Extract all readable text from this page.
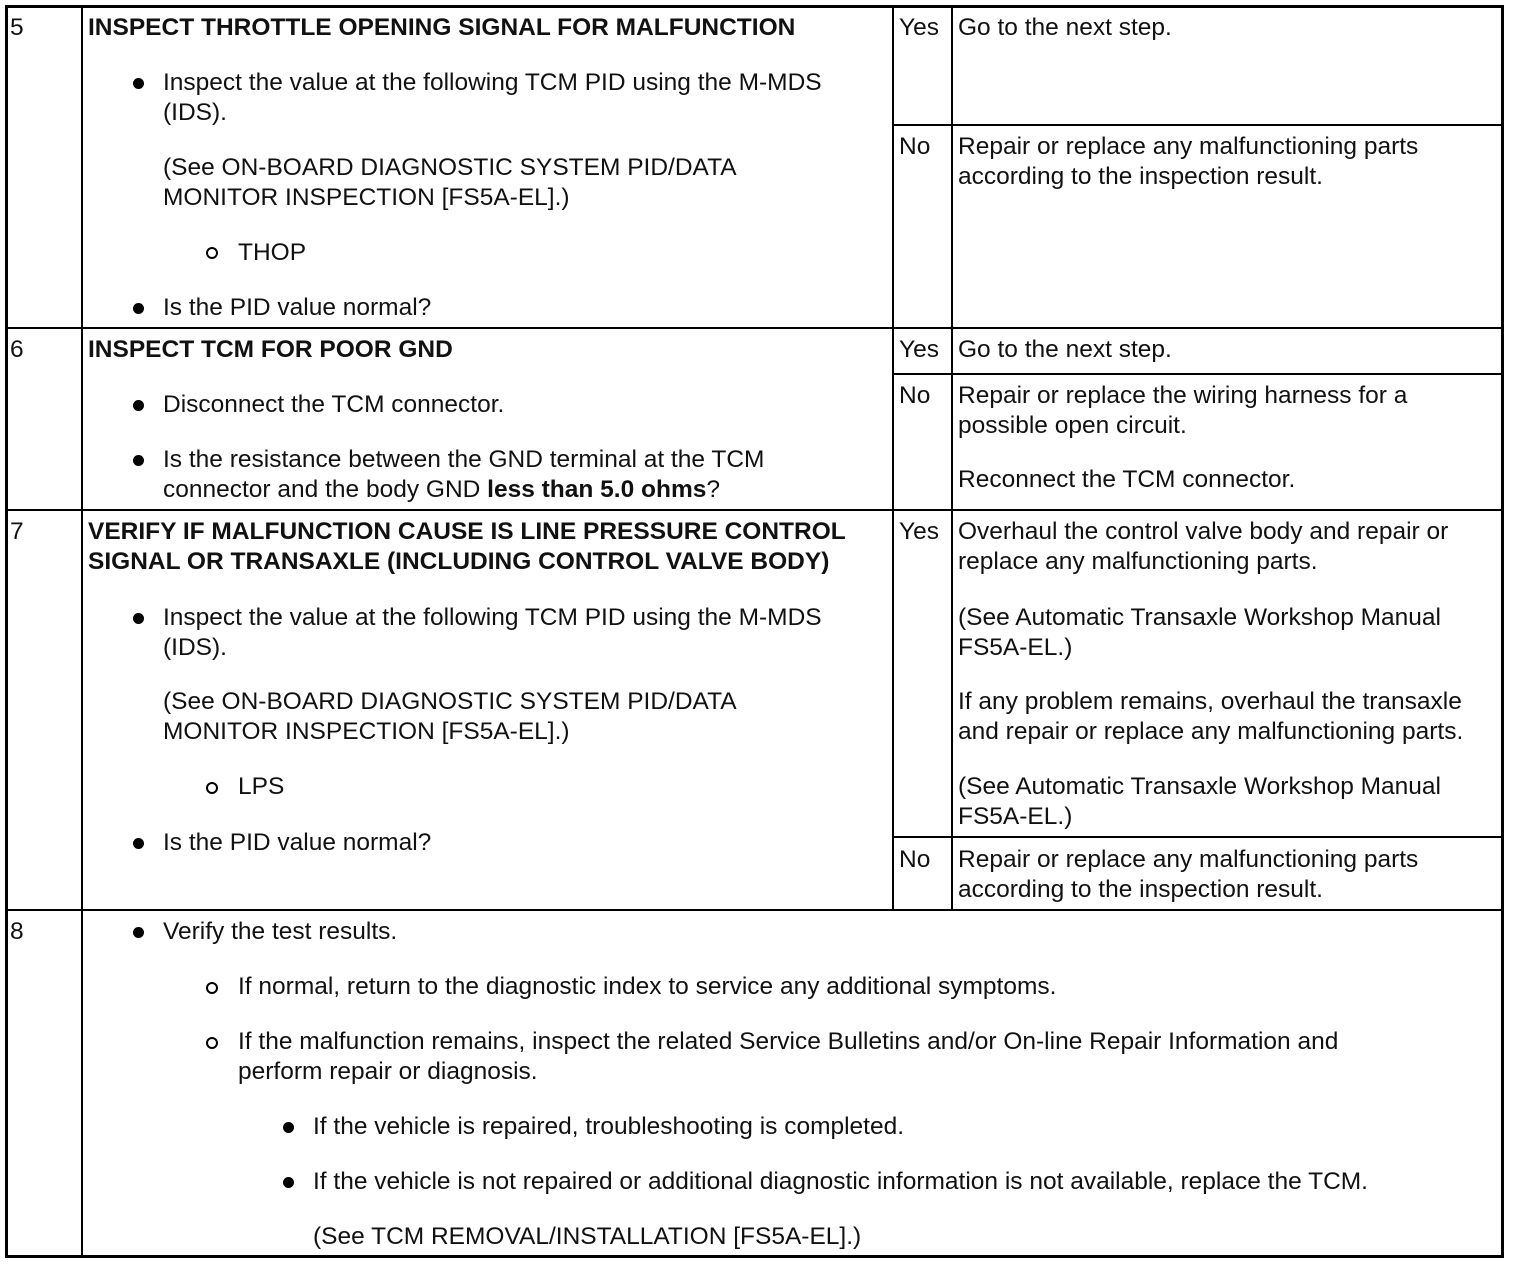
5	INSPECT THROTTLE OPENING SIGNAL FOR MALFUNCTION
Inspect the value at the following TCM PID using the M-MDS
(IDS).
(See ON-BOARD DIAGNOSTIC SYSTEM PID/DATA
MONITOR INSPECTION [FS5A-EL].)
THOP
Is the PID value normal?
Yes Go to the next step.
No Repair or replace any malfunctioning parts
according to the inspection result.
6	INSPECT TCM FOR POOR GND
Disconnect the TCM connector.
Is the resistance between the GND terminal at the TCM
connector and the body GND less than 5.0 ohms?
Yes Go to the next step.
No Repair or replace the wiring harness for a
possible open circuit.
Reconnect the TCM connector.
7	VERIFY IF MALFUNCTION CAUSE IS LINE PRESSURE CONTROL
SIGNAL OR TRANSAXLE (INCLUDING CONTROL VALVE BODY)
Inspect the value at the following TCM PID using the M-MDS
(IDS).
(See ON-BOARD DIAGNOSTIC SYSTEM PID/DATA
MONITOR INSPECTION [FS5A-EL].)
LPS
Is the PID value normal?
Yes Overhaul the control valve body and repair or
replace any malfunctioning parts.
(See Automatic Transaxle Workshop Manual
FS5A-EL.)
If any problem remains, overhaul the transaxle
and repair or replace any malfunctioning parts.
(See Automatic Transaxle Workshop Manual
FS5A-EL.)
No Repair or replace any malfunctioning parts
according to the inspection result.
8	Verify the test results.
If normal, return to the diagnostic index to service any additional symptoms.
If the malfunction remains, inspect the related Service Bulletins and/or On-line Repair Information and
perform repair or diagnosis.
If the vehicle is repaired, troubleshooting is completed.
If the vehicle is not repaired or additional diagnostic information is not available, replace the TCM.
(See TCM REMOVAL/INSTALLATION [FS5A-EL].)
